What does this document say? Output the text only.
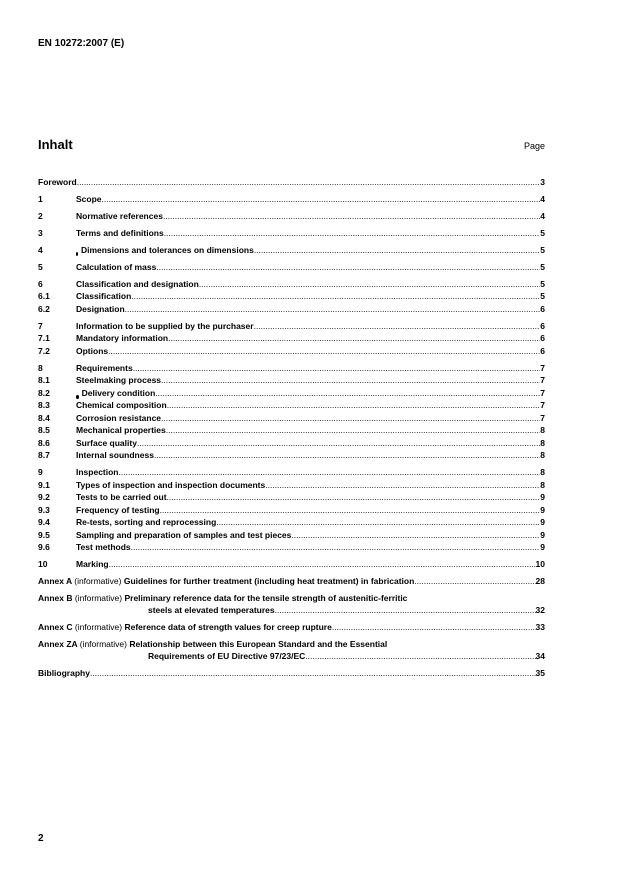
EN 10272:2007 (E)
Inhalt	Page
Foreword .....	3
1	Scope .....	4
2	Normative references .....	4
3	Terms and definitions .....	5
4	Dimensions and tolerances on dimensions .....	5
5	Calculation of mass .....	5
6	Classification and designation .....	5
6.1	Classification .....	5
6.2	Designation .....	6
7	Information to be supplied by the purchaser .....	6
7.1	Mandatory information .....	6
7.2	Options .....	6
8	Requirements .....	7
8.1	Steelmaking process .....	7
8.2	Delivery condition .....	7
8.3	Chemical composition .....	7
8.4	Corrosion resistance .....	7
8.5	Mechanical properties .....	8
8.6	Surface quality .....	8
8.7	Internal soundness .....	8
9	Inspection .....	8
9.1	Types of inspection and inspection documents .....	8
9.2	Tests to be carried out .....	9
9.3	Frequency of testing .....	9
9.4	Re-tests, sorting and reprocessing .....	9
9.5	Sampling and preparation of samples and test pieces .....	9
9.6	Test methods .....	9
10	Marking .....	10
Annex A (informative) Guidelines for further treatment (including heat treatment) in fabrication .....	28
Annex B (informative) Preliminary reference data for the tensile strength of austenitic-ferritic
steels at elevated temperatures .....	32
Annex C (informative) Reference data of strength values for creep rupture .....	33
Annex ZA (informative) Relationship between this European Standard and the Essential
Requirements of EU Directive 97/23/EC .....	34
Bibliography .....	35
2
